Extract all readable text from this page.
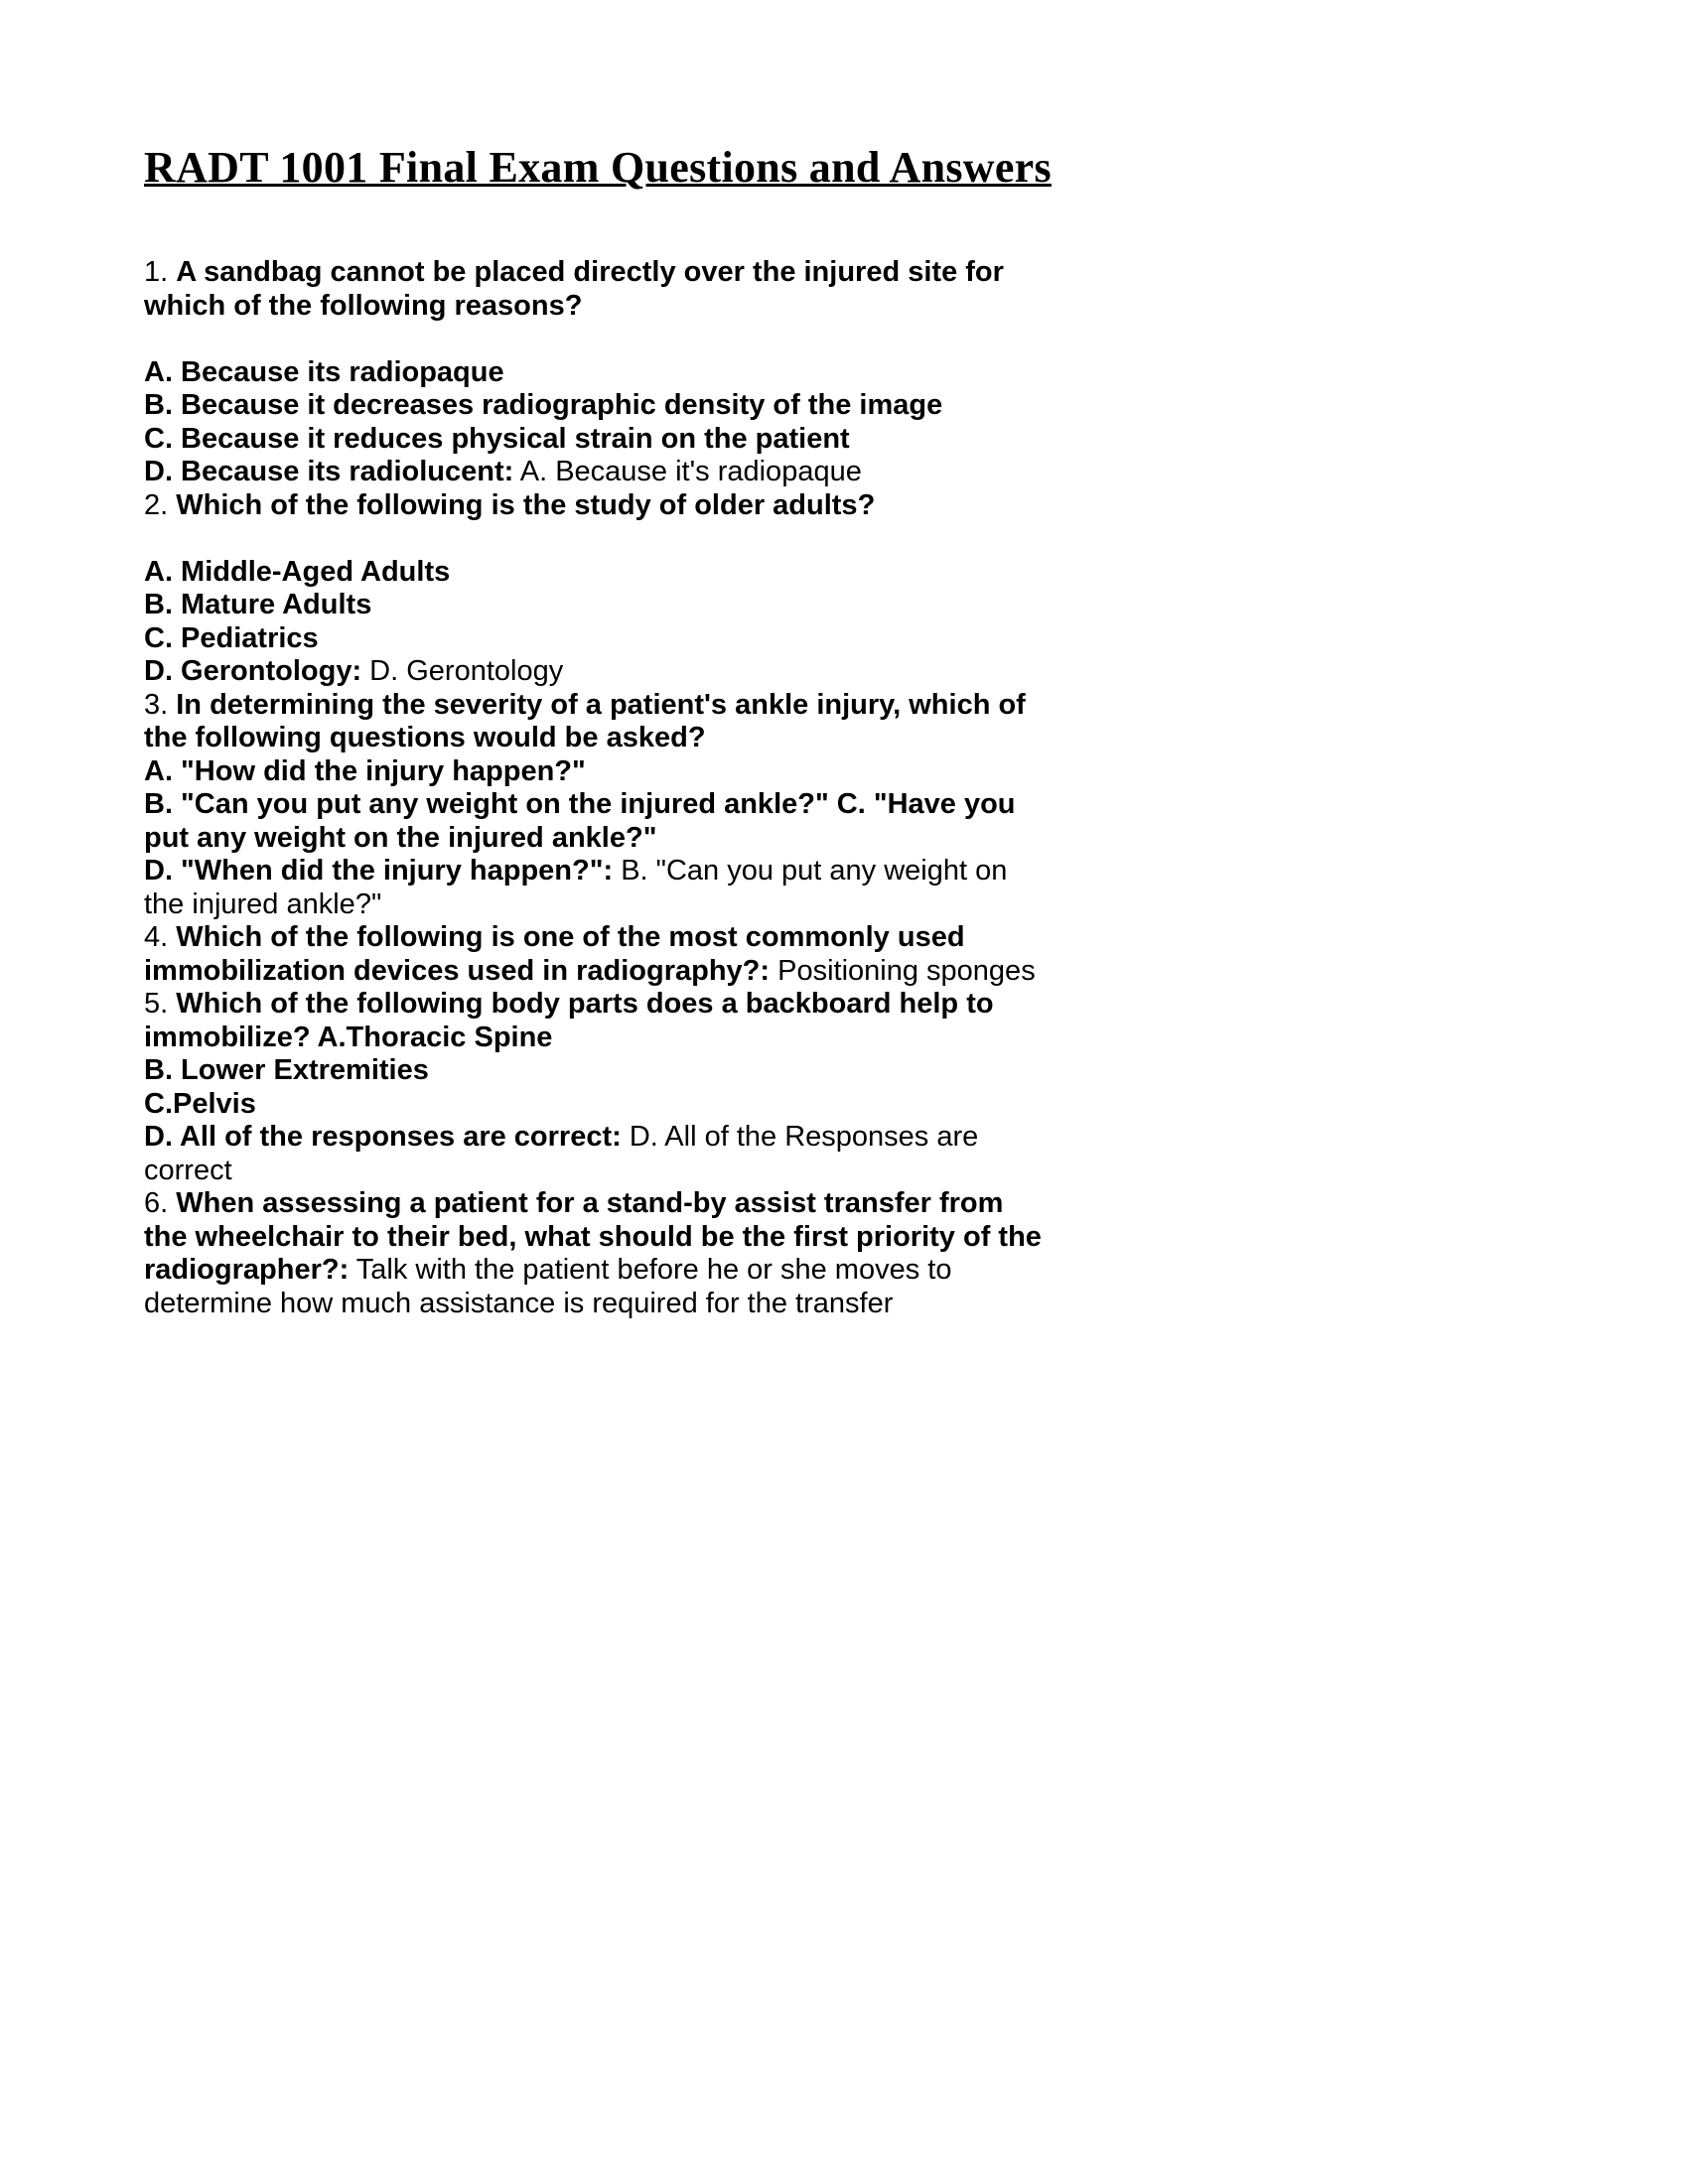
RADT 1001 Final Exam Questions and Answers
1. A sandbag cannot be placed directly over the injured site for which of the following reasons?

A. Because its radiopaque
B. Because it decreases radiographic density of the image
C. Because it reduces physical strain on the patient
D. Because its radiolucent: A. Because it's radiopaque
2. Which of the following is the study of older adults?

A. Middle-Aged Adults
B. Mature Adults
C. Pediatrics
D. Gerontology: D. Gerontology
3. In determining the severity of a patient's ankle injury, which of the following questions would be asked?
A. "How did the injury happen?"
B. "Can you put any weight on the injured ankle?" C. "Have you put any weight on the injured ankle?"
D. "When did the injury happen?": B. "Can you put any weight on the injured ankle?"
4. Which of the following is one of the most commonly used immobilization devices used in radiography?: Positioning sponges
5. Which of the following body parts does a backboard help to immobilize? A.Thoracic Spine
B. Lower Extremities
C.Pelvis
D. All of the responses are correct: D. All of the Responses are correct
6. When assessing a patient for a stand-by assist transfer from the wheelchair to their bed, what should be the first priority of the radiographer?: Talk with the patient before he or she moves to determine how much assistance is required for the transfer
